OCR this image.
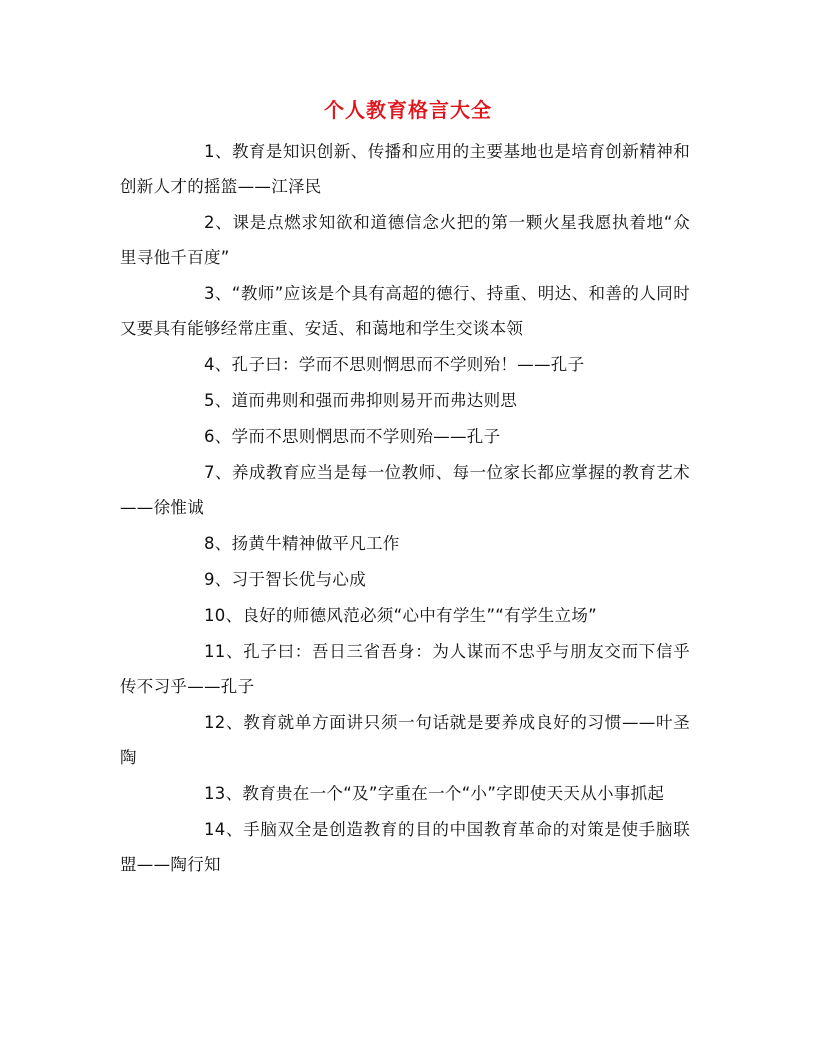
个人教育格言大全

1、教育是知识创新、传播和应用的主要基地也是培育创新精神和创新人才的摇篮——江泽民

2、课是点燃求知欲和道德信念火把的第一颗火星我愿执着地“众里寻他千百度”

3、“教师”应该是个具有高超的德行、持重、明达、和善的人同时又要具有能够经常庄重、安适、和蔼地和学生交谈本领

4、孔子曰：学而不思则惘思而不学则殆！——孔子

5、道而弗则和强而弗抑则易开而弗达则思

6、学而不思则惘思而不学则殆——孔子

7、养成教育应当是每一位教师、每一位家长都应掌握的教育艺术——徐惟诚

8、扬黄牛精神做平凡工作

9、习于智长优与心成

10、良好的师德风范必须“心中有学生”“有学生立场”

11、孔子曰：吾日三省吾身：为人谋而不忠乎与朋友交而下信乎传不习乎——孔子

12、教育就单方面讲只须一句话就是要养成良好的习惯——叶圣陶

13、教育贵在一个“及”字重在一个“小”字即使天天从小事抓起

14、手脑双全是创造教育的目的中国教育革命的对策是使手脑联盟——陶行知
